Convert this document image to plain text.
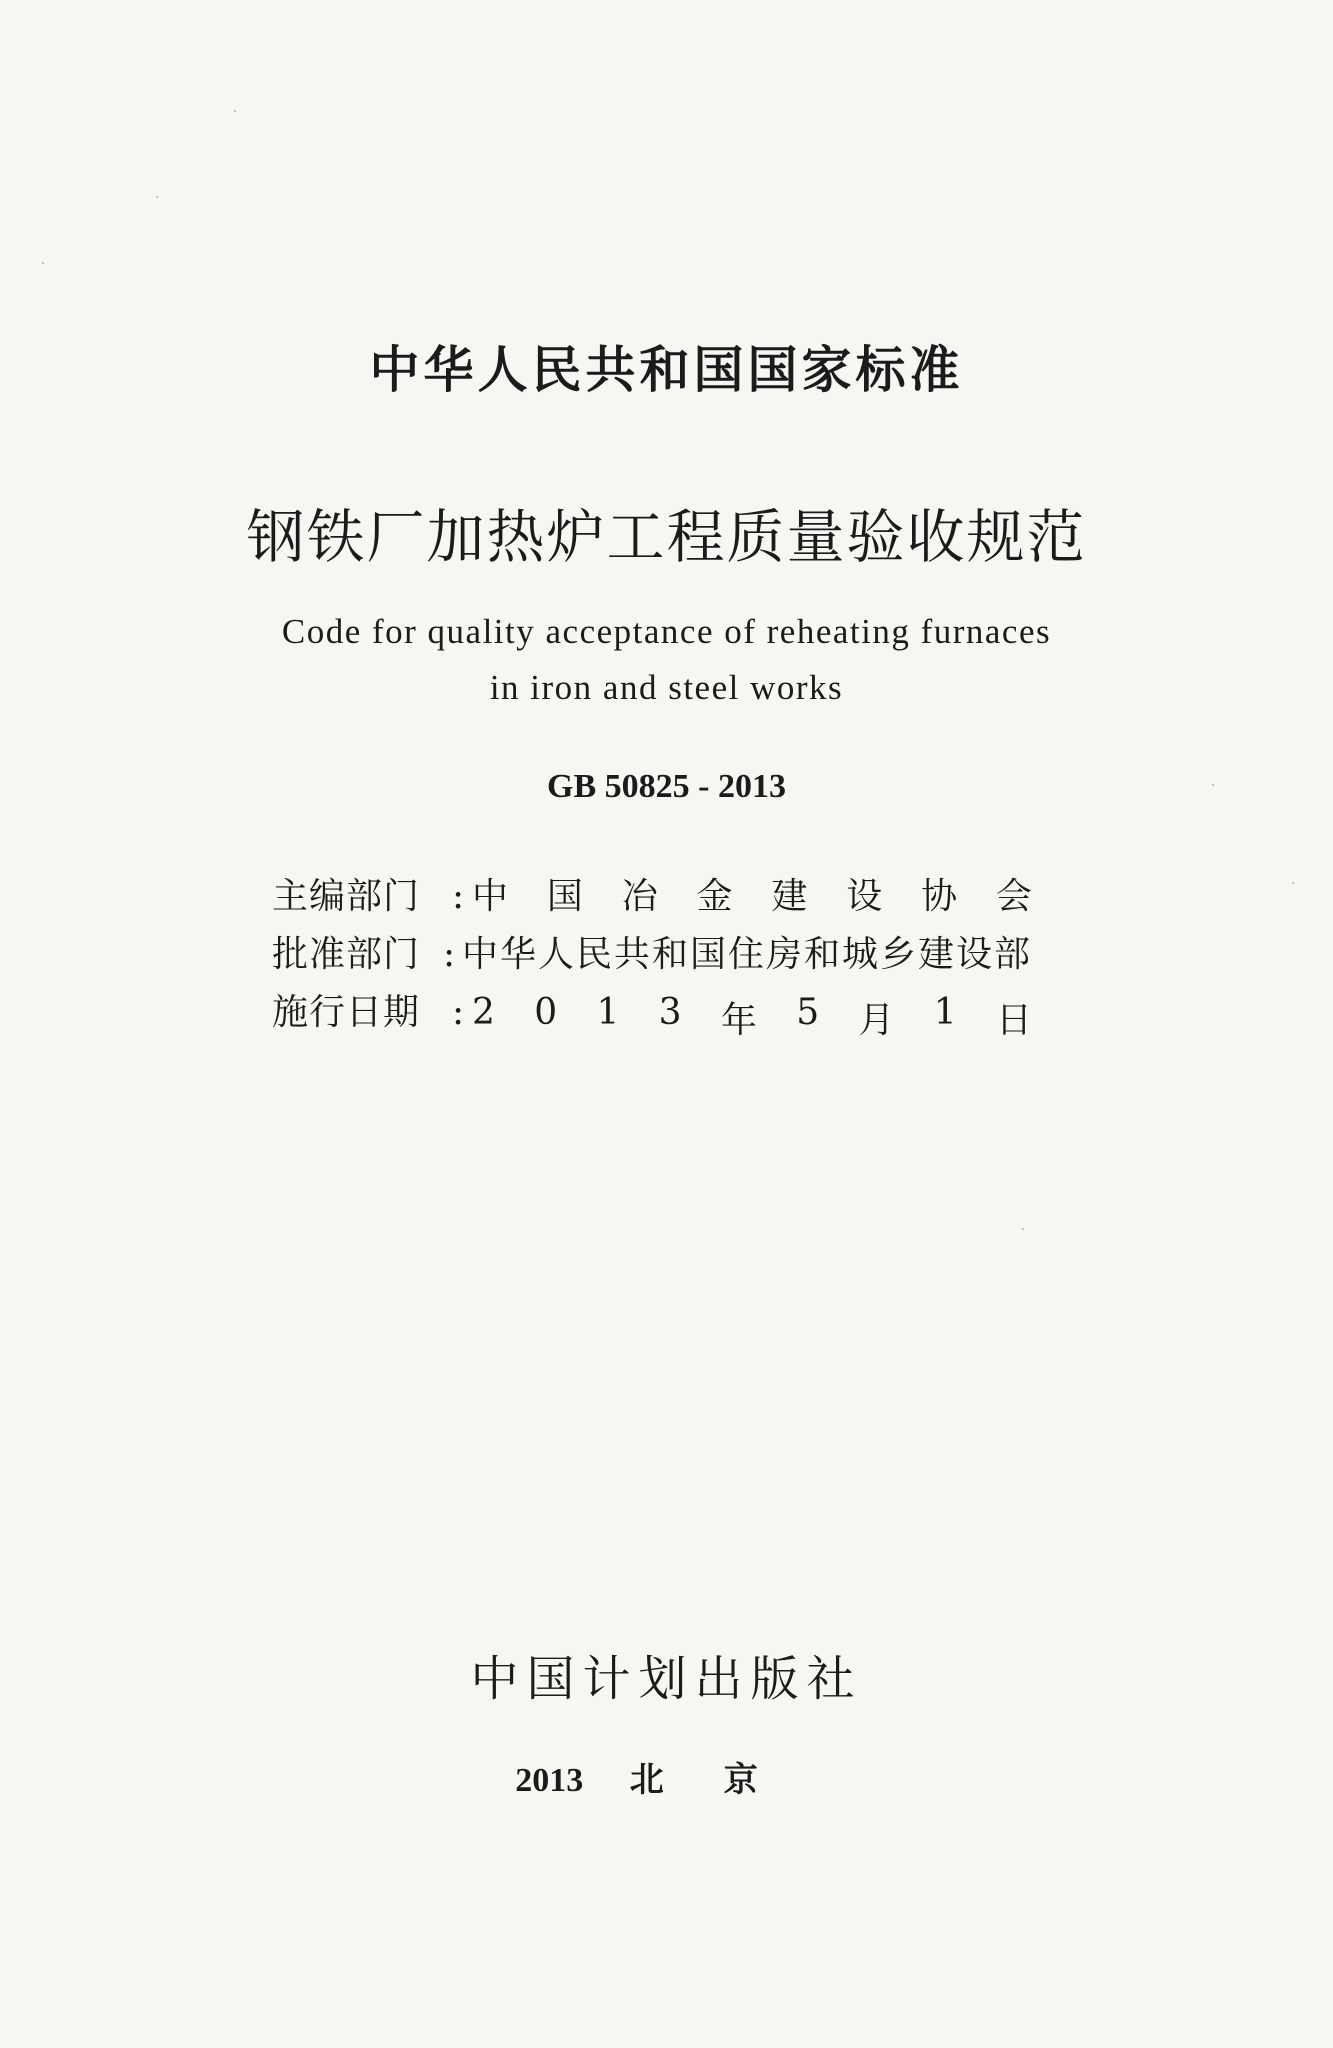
中华人民共和国国家标准
钢铁厂加热炉工程质量验收规范
Code for quality acceptance of reheating furnaces
in iron and steel works
GB 50825 - 2013
主编部门 : 中 国 冶 金 建 设 协 会
批准部门 : 中华人民共和国住房和城乡建设部
施行日期 : 2 0 1 3 年 5 月 1 日
中国计划出版社
2013 北京
